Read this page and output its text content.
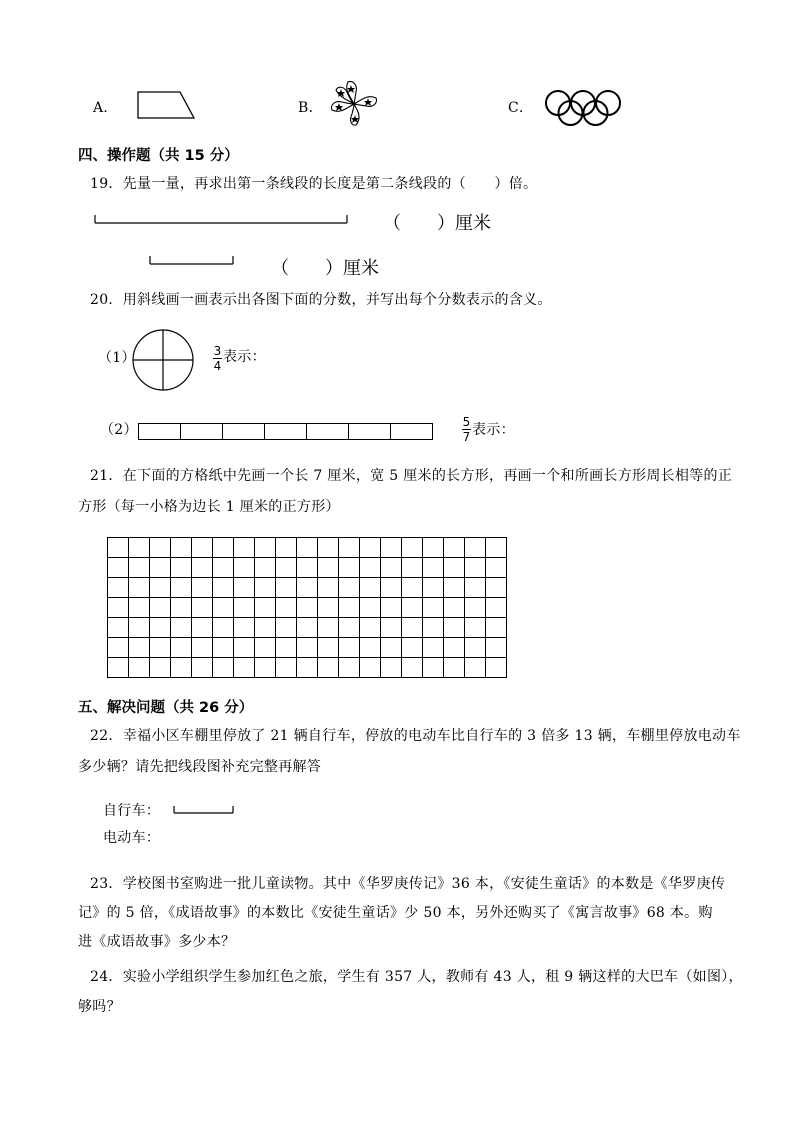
A．	B．	C．
四、操作题（共 15 分）
19．先量一量，再求出第一条线段的长度是第二条线段的（　　）倍。
（　　）厘米
（　　）厘米
20．用斜线画一画表示出各图下面的分数，并写出每个分数表示的含义。
（1）	$\frac{3}{4}$ 表示：
（2）
							$\frac{5}{7}$ 表示：
21．在下面的方格纸中先画一个长 7 厘米，宽 5 厘米的长方形，再画一个和所画长方形周长相等的正
方形（每一小格为边长 1 厘米的正方形）

五、解决问题（共 26 分）
22．幸福小区车棚里停放了 21 辆自行车，停放的电动车比自行车的 3 倍多 13 辆，车棚里停放电动车
多少辆？请先把线段图补充完整再解答
自行车：
电动车：
23．学校图书室购进一批儿童读物。其中《华罗庚传记》36 本，《安徒生童话》的本数是《华罗庚传
记》的 5 倍，《成语故事》的本数比《安徒生童话》少 50 本，另外还购买了《寓言故事》68 本。购
进《成语故事》多少本？
24．实验小学组织学生参加红色之旅，学生有 357 人，教师有 43 人，租 9 辆这样的大巴车（如图），
够吗？
